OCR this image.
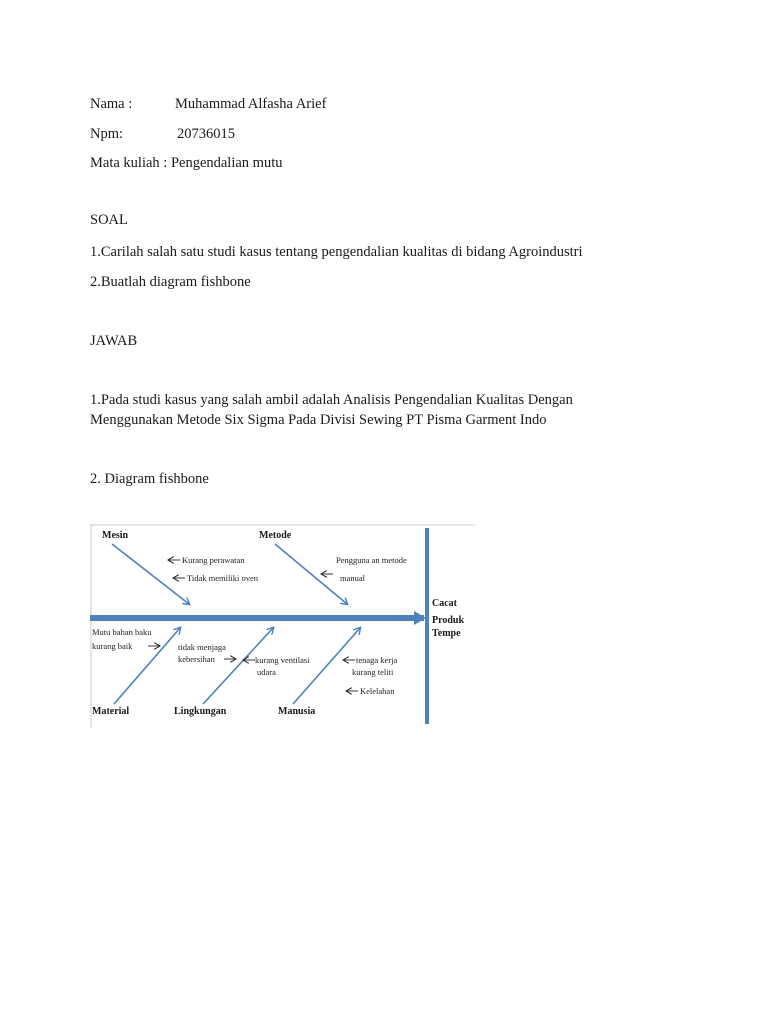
Nama :	Muhammad Alfasha Arief
Npm:	20736015
Mata kuliah : Pengendalian mutu
SOAL
1.Carilah salah satu studi kasus tentang pengendalian kualitas di bidang Agroindustri
2.Buatlah diagram fishbone
JAWAB
1.Pada studi kasus yang salah ambil adalah Analisis Pengendalian Kualitas Dengan Menggunakan Metode Six Sigma Pada Divisi Sewing PT Pisma Garment Indo
2. Diagram fishbone
Cacat
Produk
Tempe
Mesin
Kurang perawatan
Tidak memiliki oven
Metode
Pengguna an metode
manual
Mutu bahan baku
kurang baik
Material
tidak menjaga
kebersihan	kurang ventilasi
udara
Lingkungan
tenaga kerja
kurang teliti
Kelelahan
Manusia
